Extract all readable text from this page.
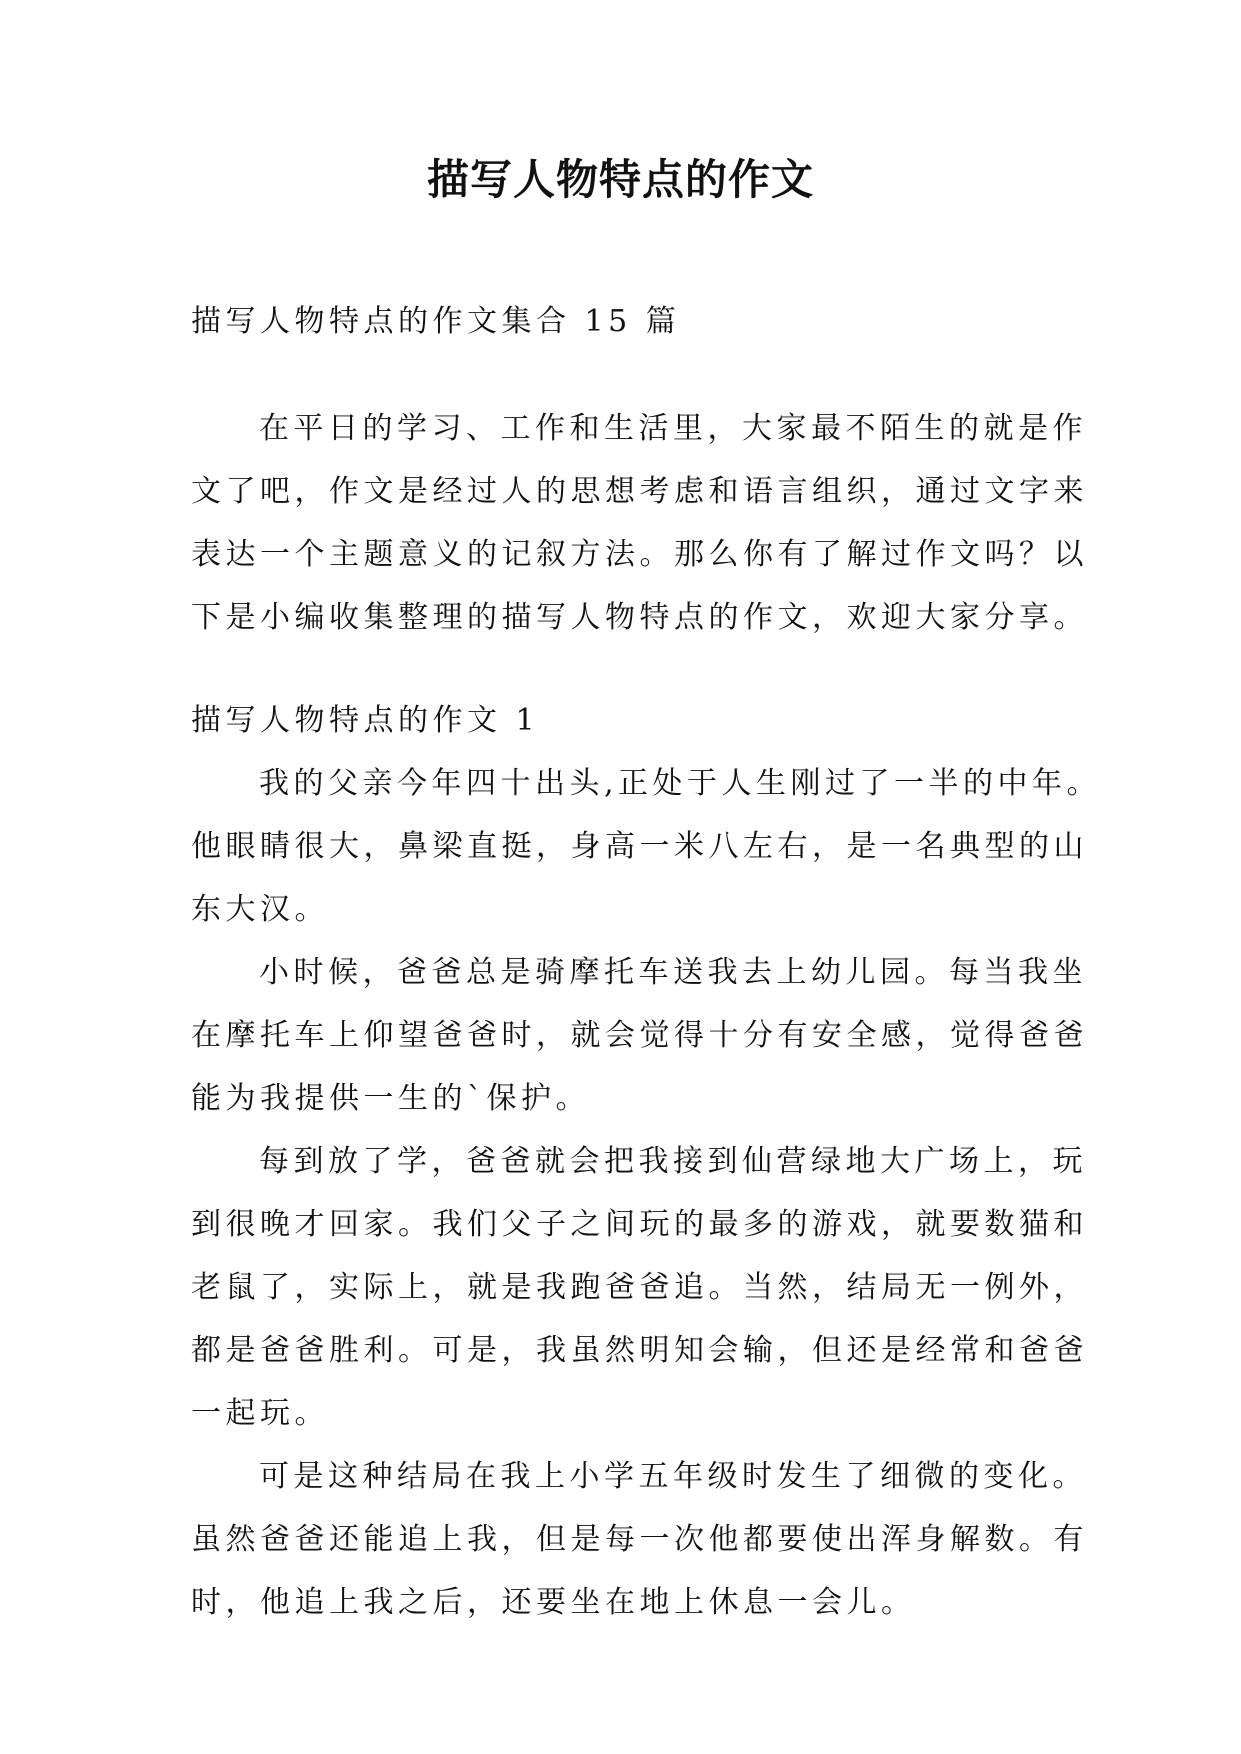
描写人物特点的作文
描写人物特点的作文集合 15 篇
在平日的学习、工作和生活里，大家最不陌生的就是作
文了吧，作文是经过人的思想考虑和语言组织，通过文字来
表达一个主题意义的记叙方法。那么你有了解过作文吗？以
下是小编收集整理的描写人物特点的作文，欢迎大家分享。
描写人物特点的作文 1
我的父亲今年四十出头,正处于人生刚过了一半的中年。
他眼睛很大，鼻梁直挺，身高一米八左右，是一名典型的山
东大汉。
小时候，爸爸总是骑摩托车送我去上幼儿园。每当我坐
在摩托车上仰望爸爸时，就会觉得十分有安全感，觉得爸爸
能为我提供一生的`保护。
每到放了学，爸爸就会把我接到仙营绿地大广场上，玩
到很晚才回家。我们父子之间玩的最多的游戏，就要数猫和
老鼠了，实际上，就是我跑爸爸追。当然，结局无一例外，
都是爸爸胜利。可是，我虽然明知会输，但还是经常和爸爸
一起玩。
可是这种结局在我上小学五年级时发生了细微的变化。
虽然爸爸还能追上我，但是每一次他都要使出浑身解数。有
时，他追上我之后，还要坐在地上休息一会儿。
